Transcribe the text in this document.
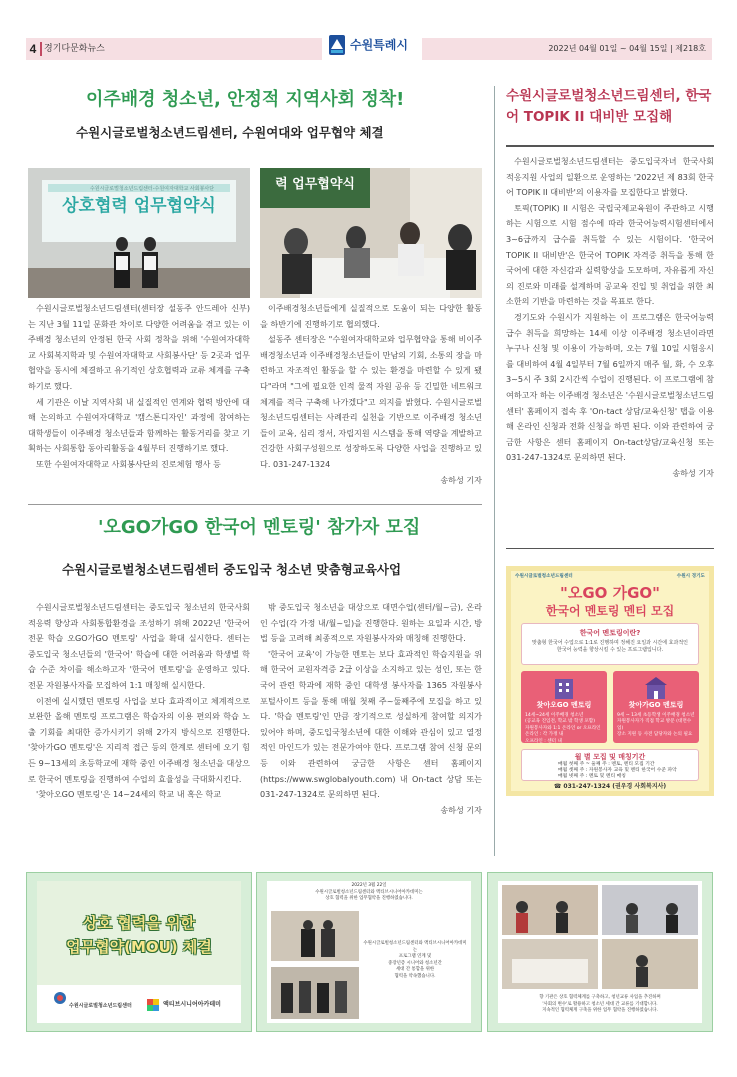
4 경기다문화뉴스	수원특례시	2022년 04월 01일 ~ 04월 15일 | 제218호
이주배경 청소년, 안정적 지역사회 정착!
수원시글로벌청소년드림센터, 수원여대와 업무협약 체결
수원시글로벌청소년드림센터-수원여자대학교 사회봉사단
상호협력 업무협약식
력 업무협약식

수원시글로벌청소년드림센터(센터장 설동주 안드레아 신부)는 지난 3월 11일 문화관 차이로 다양한 어려움을 겪고 있는 이주배경 청소년의 안정된 한국 사회 정착을 위해 '수원여자대학교 사회복지학과 및 수원여자대학교 사회봉사단' 등 2곳과 업무협약을 동시에 체결하고 유기적인 상호협력과 교류 체계를 구축하기로 했다.

세 기관은 이날 지역사회 내 실질적인 연계와 협력 방안에 대해 논의하고 수원여자대학교 '캠스톤디자인' 과정에 참여하는 대학생들이 이주배경 청소년들과 함께하는 활동거리를 찾고 기획하는 사회통합 동아리활동을 4월부터 진행하기로 했다.

또한 수원여자대학교 사회봉사단의 진로체험 행사 등

이주배경청소년들에게 실질적으로 도움이 되는 다양한 활동을 하반기에 진행하기로 협의했다.

설동주 센터장은 "수원여자대학교와 업무협약을 통해 비이주배경청소년과 이주배경청소년들이 만남의 기회, 소통의 장을 마련하고 자조적인 활동을 할 수 있는 환경을 마련할 수 있게 됐다"라며 "그에 필요한 인적 물적 자원 공유 등 긴밀한 네트워크 체계를 적극 구축해 나가겠다"고 의지를 밝혔다. 수원시글로벌청소년드림센터는 사례관리 실천을 기반으로 이주배경 청소년들이 교육, 심리 정서, 자립지원 시스템을 통해 역량을 계발하고 건강한 사회구성원으로 성장하도록 다양한 사업을 진행하고 있다. 031-247-1324

송하성 기자
'오GO가GO 한국어 멘토링' 참가자 모집
수원시글로벌청소년드림센터 중도입국 청소년 맞춤형교육사업

수원시글로벌청소년드림센터는 중도입국 청소년의 한국사회 적응력 향상과 사회통합환경을 조성하기 위해 2022년 '한국어 전문 학습 오GO가GO 멘토링' 사업을 확대 실시한다. 센터는 중도입국 청소년들의 '한국어' 학습에 대한 어려움과 학생별 학습 수준 차이를 해소하고자 '한국어 멘토링'을 운영하고 있다. 전문 자원봉사자를 모집하여 1:1 매칭해 실시한다.

이전에 실시했던 멘토링 사업을 보다 효과적이고 체계적으로 보완한 올해 멘토링 프로그램은 학습자의 이용 편의와 학습 노출 기회를 최대한 증가시키기 위해 2가지 방식으로 진행한다. '찾아가GO 멘토링'은 지리적 접근 등의 한계로 센터에 오기 힘든 9~13세의 초등학교에 재학 중인 이주배경 청소년을 대상으로 한국어 멘토링을 진행하여 수업의 효율성을 극대화시킨다.

'찾아오GO 멘토링'은 14~24세의 학교 내 혹은 학교

밖 중도입국 청소년을 대상으로 대면수업(센터/월~금), 온라인 수업(각 가정 내/월~일)을 진행한다. 원하는 요일과 시간, 방법 등을 고려해 최종적으로 자원봉사자와 매칭해 진행한다.

'한국어 교육'이 가능한 멘토는 보다 효과적인 학습지원을 위해 한국어 교원자격증 2급 이상을 소지하고 있는 성인, 또는 한국어 관련 학과에 재학 중인 대학생 봉사자를 1365 자원봉사 포털사이트 등을 통해 매월 첫째 주~둘째주에 모집을 하고 있다. '학습 멘토링'인 만큼 장기적으로 성실하게 참여할 의지가 있어야 하며, 중도입국청소년에 대한 이해와 관심이 있고 열정적인 마인드가 있는 전문가여야 한다. 프로그램 참여 신청 문의 등 이와 관련하여 궁금한 사항은 센터 홈페이지(https://www.swglobalyouth.com) 내 On-tact 상담 또는 031-247-1324로 문의하면 된다.

송하성 기자
수원시글로벌청소년드림센터, 한국어 TOPIK II 대비반 모집해

수원시글로벌청소년드림센터는 중도입국자녀 한국사회 적응지원 사업의 일환으로 운영하는 '2022년 제 83회 한국어 TOPIK II 대비반'의 이용자를 모집한다고 밝혔다.

토픽(TOPIK) II 시험은 국립국제교육원이 주관하고 시행하는 시험으로 시험 점수에 따라 한국어능력시험센터에서 3~6급까지 급수를 취득할 수 있는 시험이다. '한국어TOPIK II 대비반'은 한국어 TOPIK 자격증 취득을 통해 한국어에 대한 자신감과 실력향상을 도모하며, 자유롭게 자신의 진로와 미래를 설계하며 공교육 진입 및 취업을 위한 최소한의 기반을 마련하는 것을 목표로 한다.

경기도와 수원시가 지원하는 이 프로그램은 한국어능력 급수 취득을 희망하는 14세 이상 이주배경 청소년이라면 누구나 신청 및 이용이 가능하며, 오는 7월 10일 시험응시를 대비하여 4월 4일부터 7월 6일까지 매주 월, 화, 수 오후 3~5시 주 3회 2시간씩 수업이 진행된다. 이 프로그램에 참여하고자 하는 이주배경 청소년은 '수원시글로벌청소년드림센터' 홈페이지 접속 후 'On-tact 상담/교육신청' 탭을 이용해 온라인 신청과 전화 신청을 하면 된다. 이와 관련하여 궁금한 사항은 센터 홈페이지 On-tact상담/교육신청 또는031-247-1324로 문의하면 된다.

송하성 기자
수원시글로벌청소년드림센터	수원시 경기도
"오GO 가GO"
한국어 멘토링 멘티 모집
한국어 멘토링이란?
맞춤형 한국어 수업으로 1:1로 진행하며 정해진 요일과 시간에 효과적인 한국어 능력을 향상시킬 수 있는 프로그램입니다.
찾아오GO 멘토링
14세~24세 이주배경 청소년
(공교육 진입전, 학교 밖 학생 포함)
자원봉사자와 1:1 온라인 or 오프라인
온라인 : 각 가정 내
오프라인 : 센터 내
찾아가GO 멘토링
9세 ~ 13세 초등학생 이주배경 청소년
자원봉사자가 직접 학교 방문 (대면수업)
장소 지원 등 사전 담당자와 논의 필요
월 별 모집 및 매칭기간
매월 첫째 주 ~ 둘째 주 : 멘토, 멘티 모집 기간
매월 셋째 주 : 자원봉사자 교육 및 멘티 한국어 수준 파악
매월 넷째 주 : 멘토 및 멘티 매칭
☎ 031-247-1324 (권우경 사회복지사)
상호 협력을 위한
업무협약(MOU) 체결
수원시글로벌청소년드림센터	액티브시니어아카데미
2022년 3월 22일
수원시글로벌청소년드림센터와 액티브시니어아카데미는
상호 협력을 위한 업무협약을 진행하였습니다.
수원시글로벌청소년드림센터와 액티브시니어아카데미는
프로그램 연계 및
중장년층 시니어와 청소년간
세대 간 통합을 위한
협력을 약속했습니다.
향 기관은 상호 협력체계를 구축하고, 청년교류 사업을 추진하며
'사회의 변수'로 활용하고 청소년 세대 간 교류를 기대합니다.
지속적인 협력체계 구축을 위한 업무 협약을 진행하였습니다.
